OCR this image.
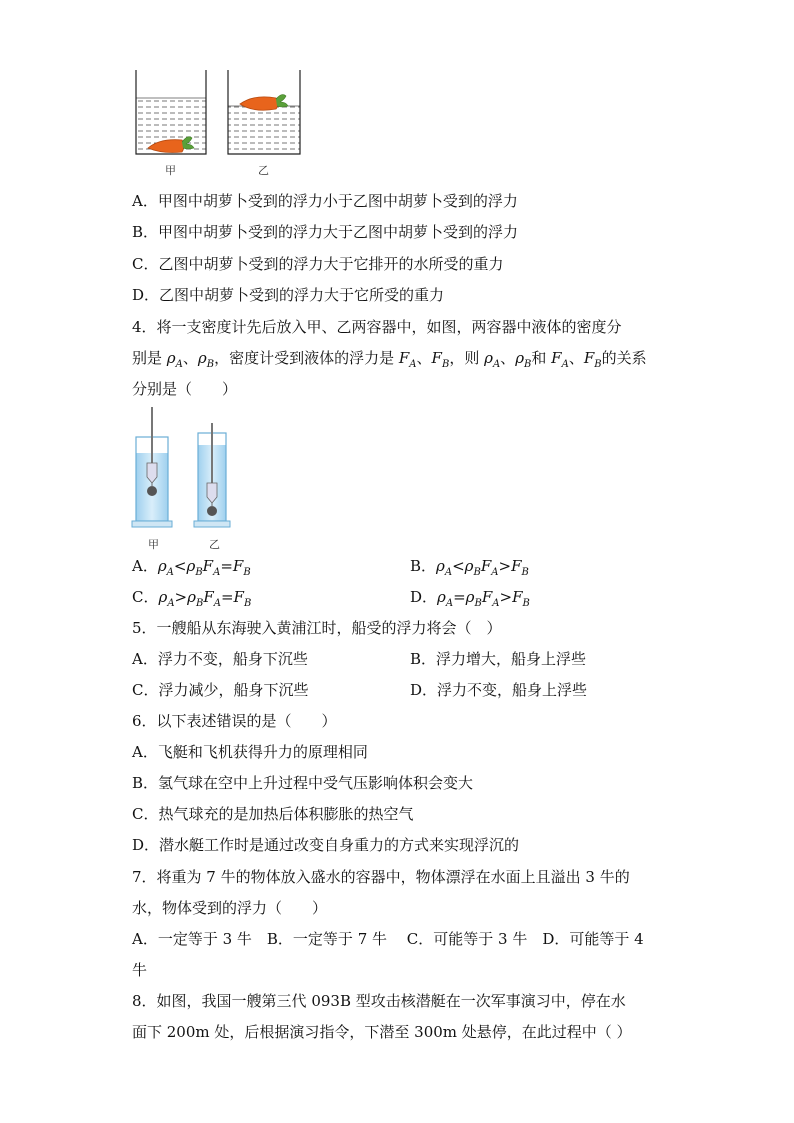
甲	乙
A．甲图中胡萝卜受到的浮力小于乙图中胡萝卜受到的浮力
B．甲图中胡萝卜受到的浮力大于乙图中胡萝卜受到的浮力
C．乙图中胡萝卜受到的浮力大于它排开的水所受的重力
D．乙图中胡萝卜受到的浮力大于它所受的重力
4．将一支密度计先后放入甲、乙两容器中，如图，两容器中液体的密度分
别是 $\rho_A$、$\rho_B$，密度计受到液体的浮力是 $F_A$、$F_B$，则 $\rho_A$、$\rho_B$和 $F_A$、$F_B$的关系
分别是（　　）
甲	乙
A．$\rho_A<\rho_BF_A=F_B$	B．$\rho_A<\rho_BF_A>F_B$
C．$\rho_A>\rho_BF_A=F_B$	D．$\rho_A=\rho_BF_A>F_B$
5．一艘船从东海驶入黄浦江时，船受的浮力将会（　）
A．浮力不变，船身下沉些	B．浮力增大，船身上浮些
C．浮力减少，船身下沉些	D．浮力不变，船身上浮些
6．以下表述错误的是（　　）
A．飞艇和飞机获得升力的原理相同
B．氢气球在空中上升过程中受气压影响体积会变大
C．热气球充的是加热后体积膨胀的热空气
D．潜水艇工作时是通过改变自身重力的方式来实现浮沉的
7．将重为 7 牛的物体放入盛水的容器中，物体漂浮在水面上且溢出 3 牛的
水，物体受到的浮力（　　）
A．一定等于 3 牛　B．一定等于 7 牛　 C．可能等于 3 牛　D．可能等于 4
牛
8．如图，我国一艘第三代 093B 型攻击核潜艇在一次军事演习中，停在水
面下 200m 处，后根据演习指令，下潜至 300m 处悬停，在此过程中（ ）
